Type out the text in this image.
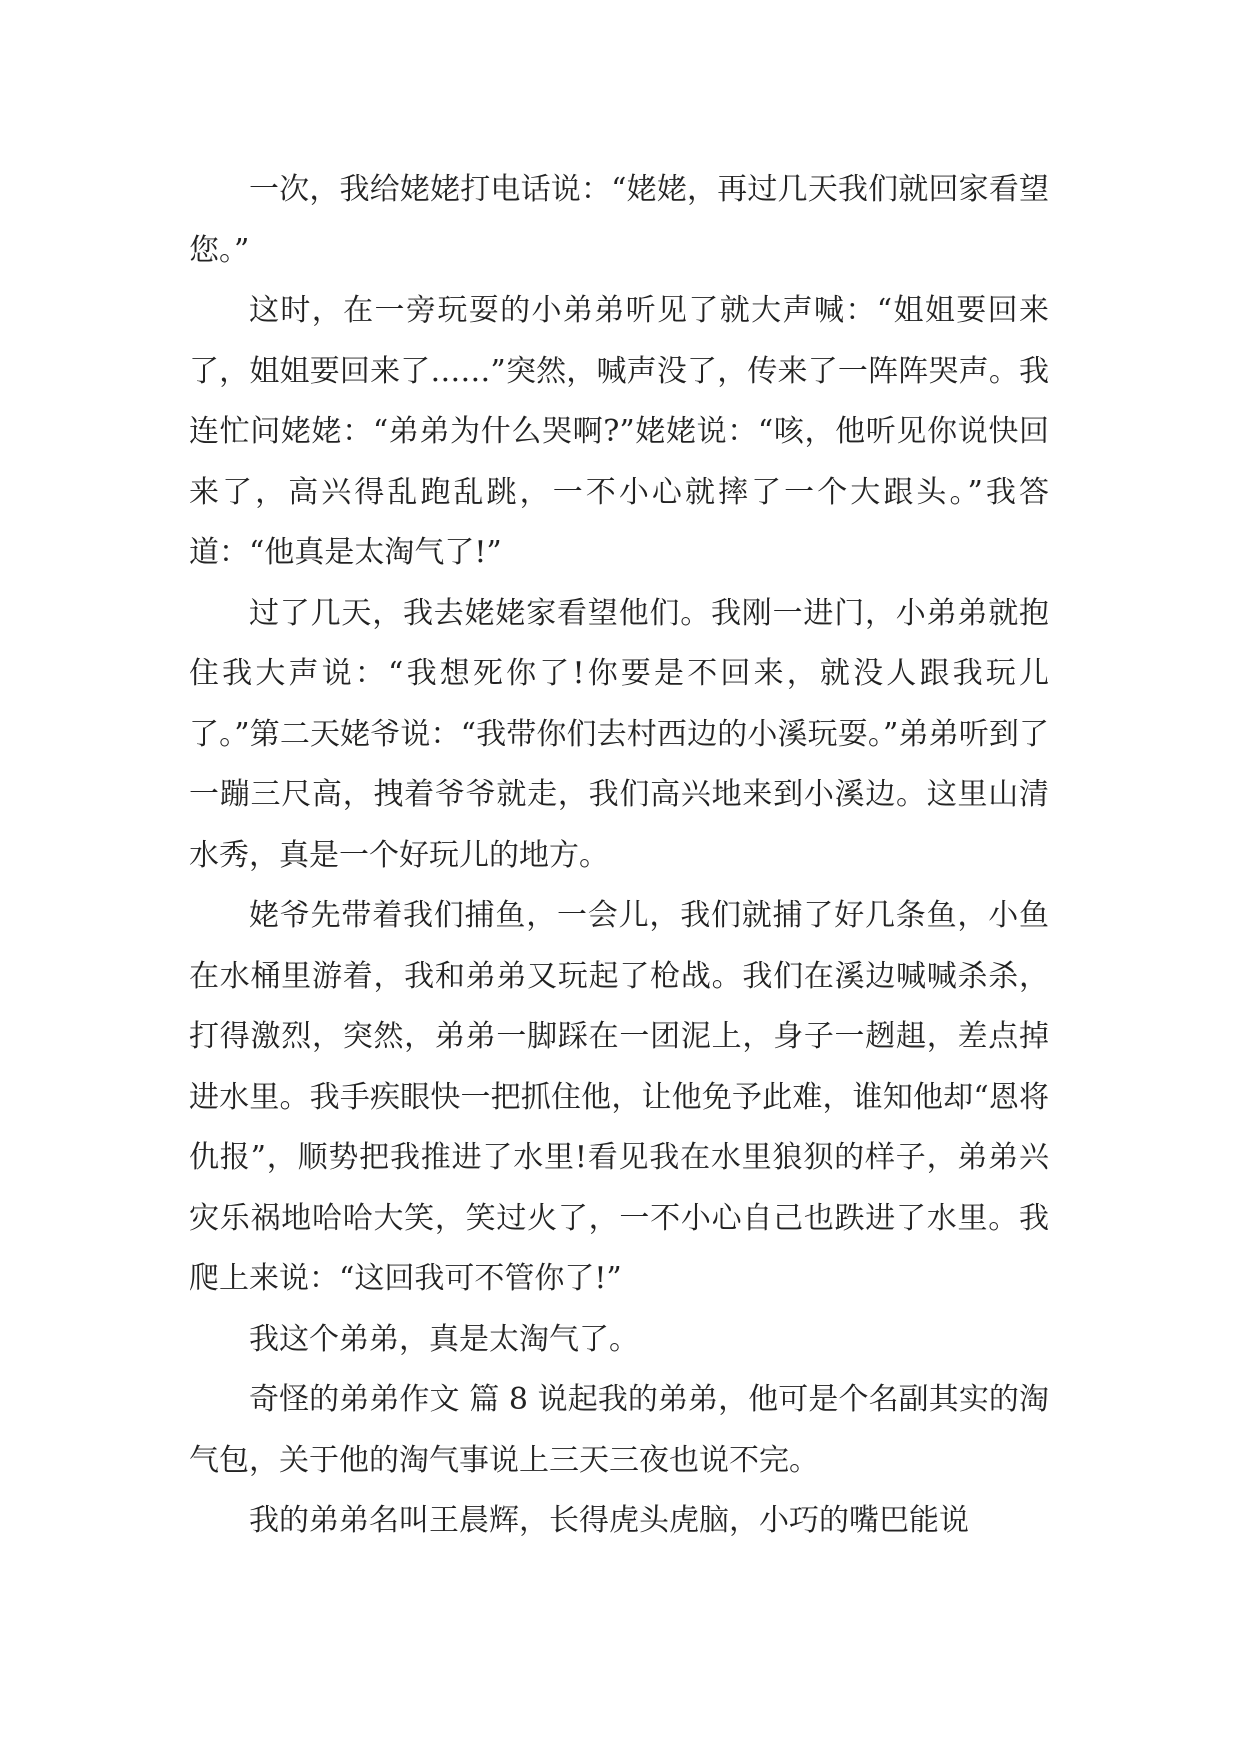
一次，我给姥姥打电话说：“姥姥，再过几天我们就回家看望您。”

这时，在一旁玩耍的小弟弟听见了就大声喊：“姐姐要回来了，姐姐要回来了……”突然，喊声没了，传来了一阵阵哭声。我连忙问姥姥：“弟弟为什么哭啊?”姥姥说：“咳，他听见你说快回来了，高兴得乱跑乱跳，一不小心就摔了一个大跟头。”我答道：“他真是太淘气了!”

过了几天，我去姥姥家看望他们。我刚一进门，小弟弟就抱住我大声说：“我想死你了!你要是不回来，就没人跟我玩儿了。”第二天姥爷说：“我带你们去村西边的小溪玩耍。”弟弟听到了一蹦三尺高，拽着爷爷就走，我们高兴地来到小溪边。这里山清水秀，真是一个好玩儿的地方。

姥爷先带着我们捕鱼，一会儿，我们就捕了好几条鱼，小鱼在水桶里游着，我和弟弟又玩起了枪战。我们在溪边喊喊杀杀，打得激烈，突然，弟弟一脚踩在一团泥上，身子一趔趄，差点掉进水里。我手疾眼快一把抓住他，让他免予此难，谁知他却“恩将仇报”，顺势把我推进了水里!看见我在水里狼狈的样子，弟弟兴灾乐祸地哈哈大笑，笑过火了，一不小心自己也跌进了水里。我爬上来说：“这回我可不管你了!”

我这个弟弟，真是太淘气了。

奇怪的弟弟作文 篇 8 说起我的弟弟，他可是个名副其实的淘气包，关于他的淘气事说上三天三夜也说不完。

我的弟弟名叫王晨辉，长得虎头虎脑，小巧的嘴巴能说
